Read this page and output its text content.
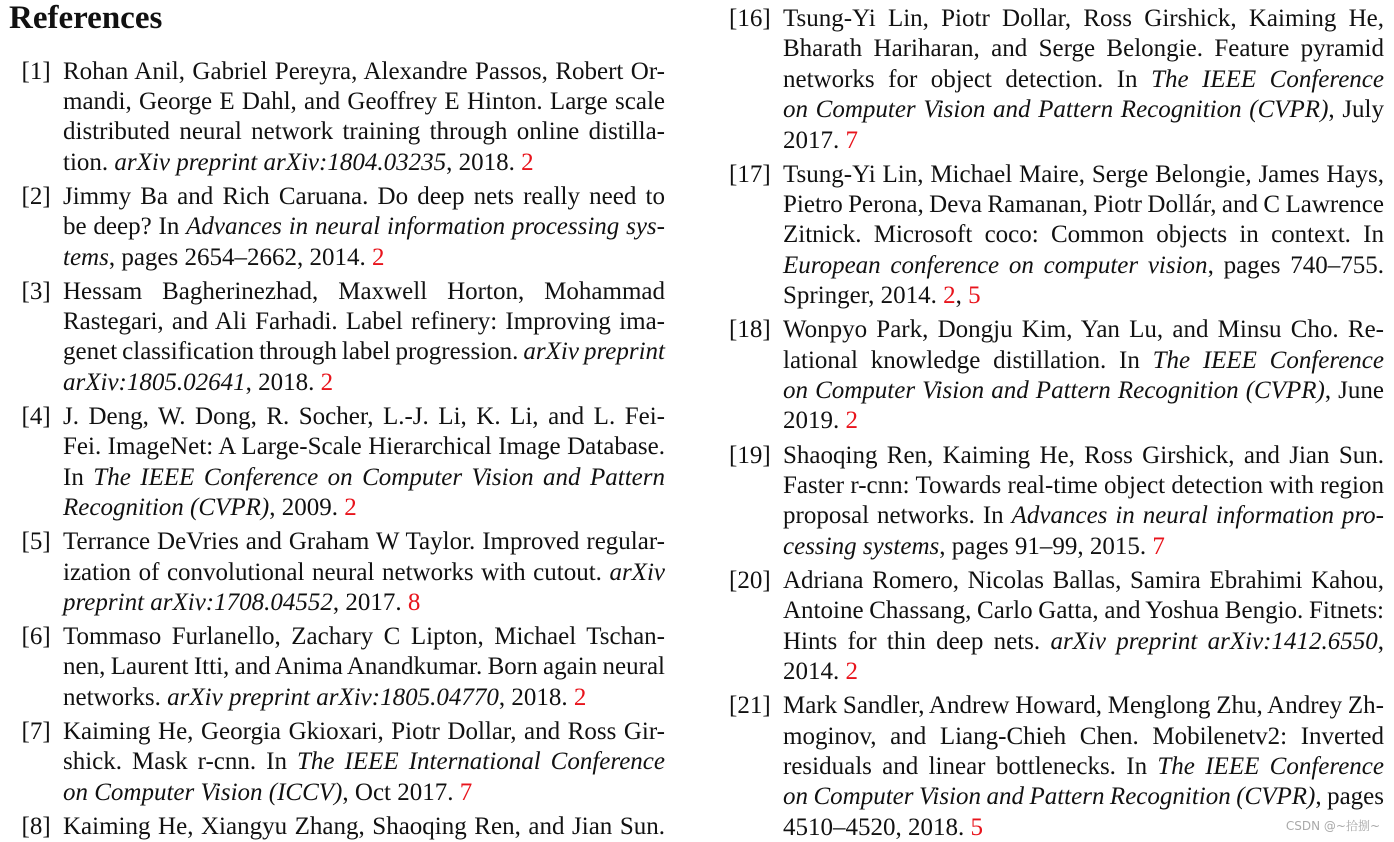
References
[1] Rohan Anil, Gabriel Pereyra, Alexandre Passos, Robert Or-
mandi, George E Dahl, and Geoffrey E Hinton. Large scale
distributed neural network training through online distilla-
tion. arXiv preprint arXiv:1804.03235, 2018. 2
[2] Jimmy Ba and Rich Caruana. Do deep nets really need to
be deep? In Advances in neural information processing sys-
tems, pages 2654–2662, 2014. 2
[3] Hessam Bagherinezhad, Maxwell Horton, Mohammad
Rastegari, and Ali Farhadi. Label refinery: Improving ima-
genet classification through label progression. arXiv preprint
arXiv:1805.02641, 2018. 2
[4] J. Deng, W. Dong, R. Socher, L.-J. Li, K. Li, and L. Fei-
Fei. ImageNet: A Large-Scale Hierarchical Image Database.
In The IEEE Conference on Computer Vision and Pattern
Recognition (CVPR), 2009. 2
[5] Terrance DeVries and Graham W Taylor. Improved regular-
ization of convolutional neural networks with cutout. arXiv
preprint arXiv:1708.04552, 2017. 8
[6] Tommaso Furlanello, Zachary C Lipton, Michael Tschan-
nen, Laurent Itti, and Anima Anandkumar. Born again neural
networks. arXiv preprint arXiv:1805.04770, 2018. 2
[7] Kaiming He, Georgia Gkioxari, Piotr Dollar, and Ross Gir-
shick. Mask r-cnn. In The IEEE International Conference
on Computer Vision (ICCV), Oct 2017. 7
[8] Kaiming He, Xiangyu Zhang, Shaoqing Ren, and Jian Sun.
[16] Tsung-Yi Lin, Piotr Dollar, Ross Girshick, Kaiming He,
Bharath Hariharan, and Serge Belongie. Feature pyramid
networks for object detection. In The IEEE Conference
on Computer Vision and Pattern Recognition (CVPR), July
2017. 7
[17] Tsung-Yi Lin, Michael Maire, Serge Belongie, James Hays,
Pietro Perona, Deva Ramanan, Piotr Dollár, and C Lawrence
Zitnick. Microsoft coco: Common objects in context. In
European conference on computer vision, pages 740–755.
Springer, 2014. 2, 5
[18] Wonpyo Park, Dongju Kim, Yan Lu, and Minsu Cho. Re-
lational knowledge distillation. In The IEEE Conference
on Computer Vision and Pattern Recognition (CVPR), June
2019. 2
[19] Shaoqing Ren, Kaiming He, Ross Girshick, and Jian Sun.
Faster r-cnn: Towards real-time object detection with region
proposal networks. In Advances in neural information pro-
cessing systems, pages 91–99, 2015. 7
[20] Adriana Romero, Nicolas Ballas, Samira Ebrahimi Kahou,
Antoine Chassang, Carlo Gatta, and Yoshua Bengio. Fitnets:
Hints for thin deep nets. arXiv preprint arXiv:1412.6550,
2014. 2
[21] Mark Sandler, Andrew Howard, Menglong Zhu, Andrey Zh-
moginov, and Liang-Chieh Chen. Mobilenetv2: Inverted
residuals and linear bottlenecks. In The IEEE Conference
on Computer Vision and Pattern Recognition (CVPR), pages
4510–4520, 2018. 5	CSDN @~拾捌~
